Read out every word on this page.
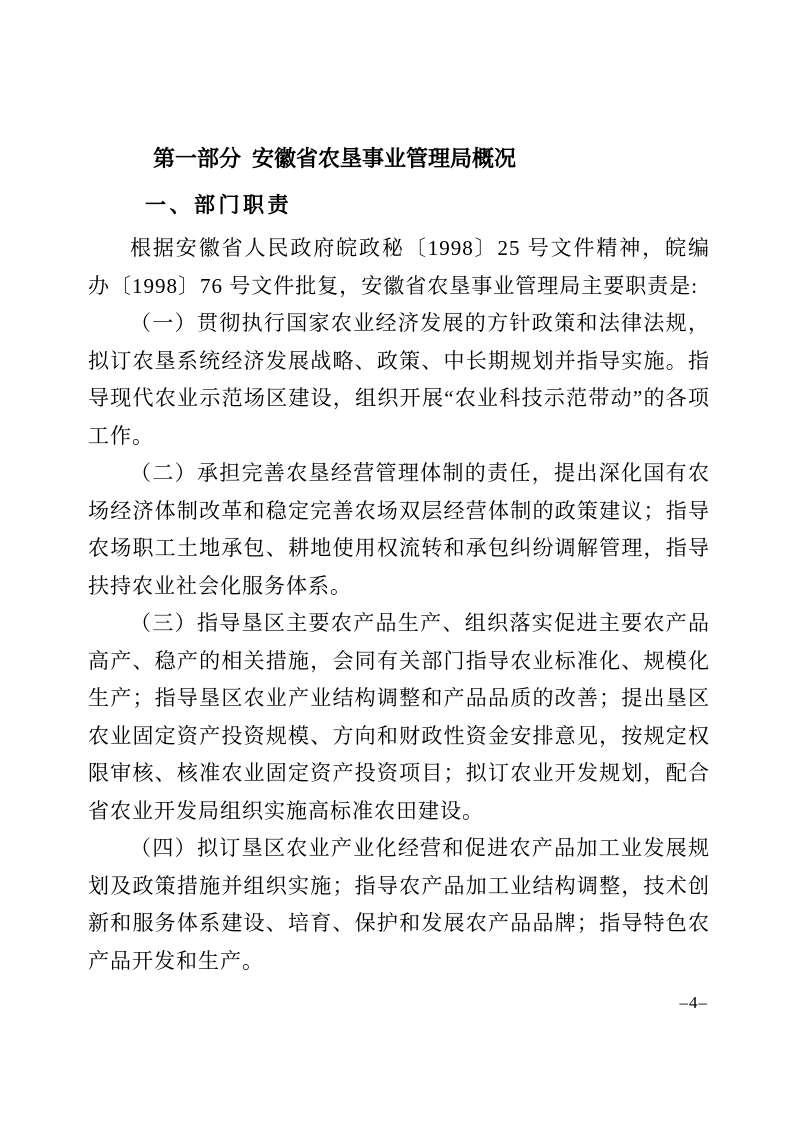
第一部分 安徽省农垦事业管理局概况
一、部门职责

根据安徽省人民政府皖政秘〔1998〕25 号文件精神，皖编办〔1998〕76 号文件批复，安徽省农垦事业管理局主要职责是:

（一）贯彻执行国家农业经济发展的方针政策和法律法规，拟订农垦系统经济发展战略、政策、中长期规划并指导实施。指导现代农业示范场区建设，组织开展“农业科技示范带动”的各项工作。

（二）承担完善农垦经营管理体制的责任，提出深化国有农场经济体制改革和稳定完善农场双层经营体制的政策建议；指导农场职工土地承包、耕地使用权流转和承包纠纷调解管理，指导扶持农业社会化服务体系。

（三）指导垦区主要农产品生产、组织落实促进主要农产品高产、稳产的相关措施，会同有关部门指导农业标准化、规模化生产；指导垦区农业产业结构调整和产品品质的改善；提出垦区农业固定资产投资规模、方向和财政性资金安排意见，按规定权限审核、核准农业固定资产投资项目；拟订农业开发规划，配合省农业开发局组织实施高标准农田建设。

（四）拟订垦区农业产业化经营和促进农产品加工业发展规划及政策措施并组织实施；指导农产品加工业结构调整，技术创新和服务体系建设、培育、保护和发展农产品品牌；指导特色农产品开发和生产。

–4–
